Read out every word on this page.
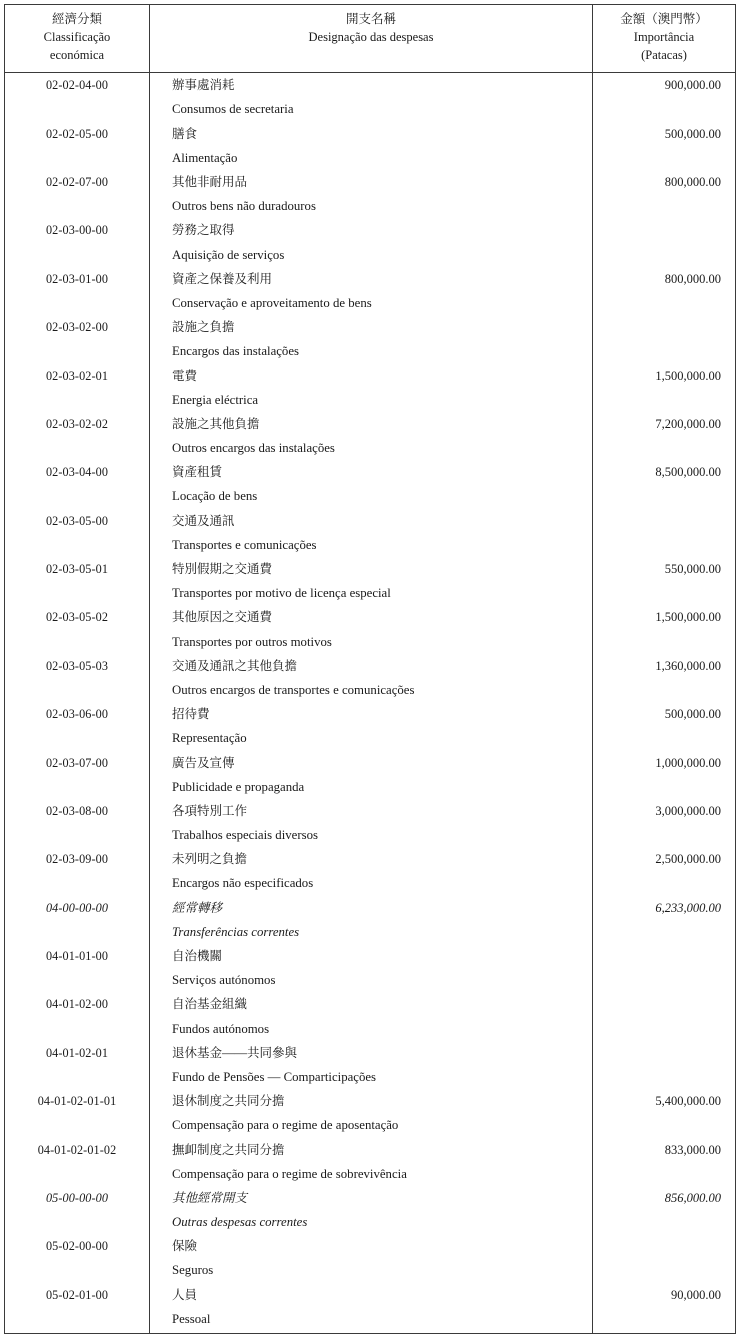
經濟分類
Classificação
económica	開支名稱
Designação das despesas	金額（澳門幣）
Importância
(Patacas)

02-02-04-00	辦事處消耗
Consumos de secretaria	900,000.00

02-02-05-00	膳食
Alimentação	500,000.00

02-02-07-00	其他非耐用品
Outros bens não duradouros	800,000.00

02-03-00-00	勞務之取得
Aquisição de serviços

02-03-01-00	資產之保養及利用
Conservação e aproveitamento de bens	800,000.00

02-03-02-00	設施之負擔
Encargos das instalações

02-03-02-01	電費
Energia eléctrica	1,500,000.00

02-03-02-02	設施之其他負擔
Outros encargos das instalações	7,200,000.00

02-03-04-00	資產租賃
Locação de bens	8,500,000.00

02-03-05-00	交通及通訊
Transportes e comunicações

02-03-05-01	特別假期之交通費
Transportes por motivo de licença especial	550,000.00

02-03-05-02	其他原因之交通費
Transportes por outros motivos	1,500,000.00

02-03-05-03	交通及通訊之其他負擔
Outros encargos de transportes e comunicações	1,360,000.00

02-03-06-00	招待費
Representação	500,000.00

02-03-07-00	廣告及宣傳
Publicidade e propaganda	1,000,000.00

02-03-08-00	各項特別工作
Trabalhos especiais diversos	3,000,000.00

02-03-09-00	未列明之負擔
Encargos não especificados	2,500,000.00

04-00-00-00	經常轉移
Transferências correntes	6,233,000.00

04-01-01-00	自治機關
Serviços autónomos

04-01-02-00	自治基金組織
Fundos autónomos

04-01-02-01	退休基金——共同參與
Fundo de Pensões — Comparticipações

04-01-02-01-01	退休制度之共同分擔
Compensação para o regime de aposentação	5,400,000.00

04-01-02-01-02	撫卹制度之共同分擔
Compensação para o regime de sobrevivência	833,000.00

05-00-00-00	其他經常開支
Outras despesas correntes	856,000.00

05-02-00-00	保險
Seguros

05-02-01-00	人員
Pessoal	90,000.00
